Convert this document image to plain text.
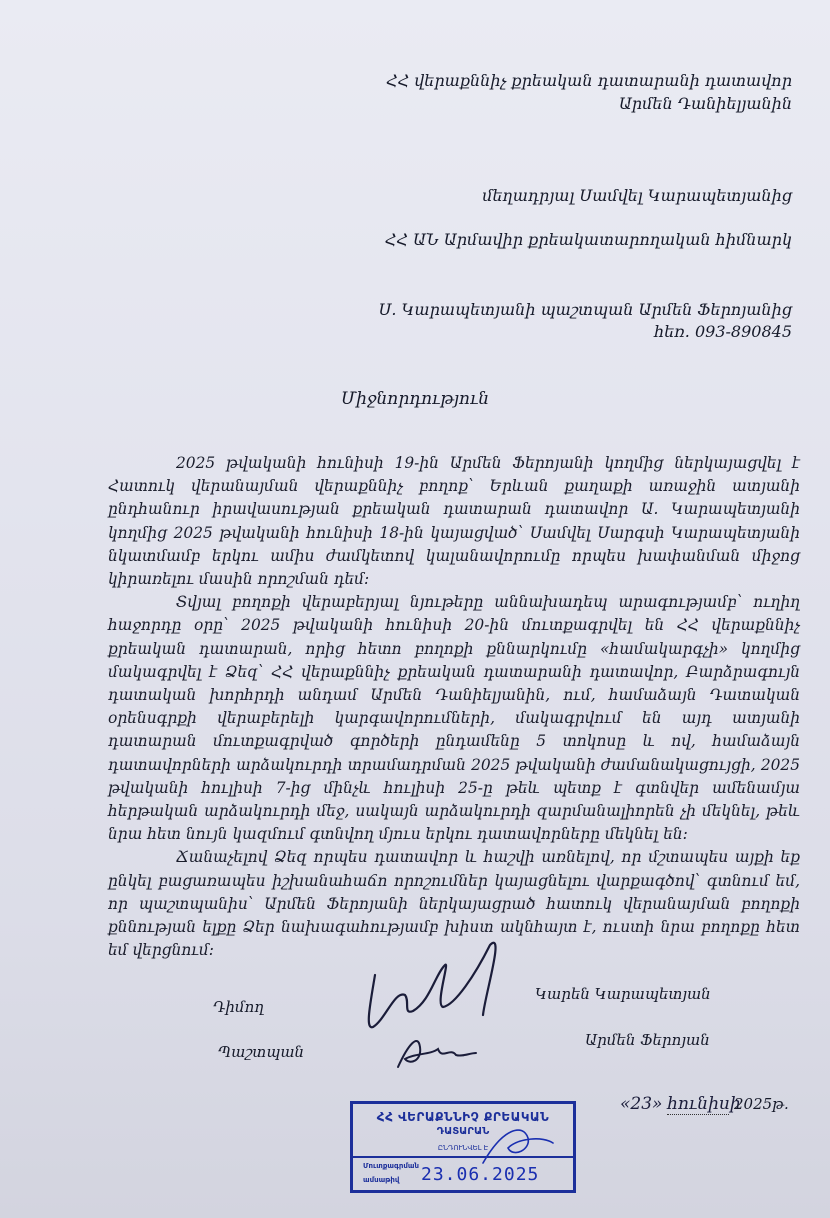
ՀՀ վերաքննիչ քրեական դատարանի դատավոր
Արմեն Դանիելյանին
մեղադրյալ Սամվել Կարապետյանից
ՀՀ ԱՆ Արմավիր քրեակատարողական հիմնարկ
Ս. Կարապետյանի պաշտպան Արմեն Ֆերոյանից
հեռ. 093-890845
Միջնորդություն

2025 թվականի հունիսի 19-ին Արմեն Ֆերոյանի կողմից ներկայացվել է Հատուկ վերանայման վերաքննիչ բողոք՝ Երևան քաղաքի առաջին ատյանի ընդհանուր իրավասության քրեական դատարան դատավոր Ա. Կարապետյանի կողմից 2025 թվականի հունիսի 18-ին կայացված՝ Սամվել Սարգսի Կարապետյանի նկատմամբ երկու ամիս ժամկետով կալանավորումը որպես խափանման միջոց կիրառելու մասին որոշման դեմ:

Տվյալ բողոքի վերաբերյալ նյութերը աննախադեպ արագությամբ՝ ուղիղ հաջորդը օրը՝ 2025 թվականի հունիսի 20-ին մուտքագրվել են ՀՀ վերաքննիչ քրեական դատարան, որից հետո բողոքի քննարկումը «համակարգչի» կողմից մակագրվել է Ձեզ՝ ՀՀ վերաքննիչ քրեական դատարանի դատավոր, Բարձրագույն դատական խորհրդի անդամ Արմեն Դանիելյանին, ում, համաձայն Դատական օրենսգրքի վերաբերելի կարգավորումների, մակագրվում են այդ ատյանի դատարան մուտքագրված գործերի ընդամենը 5 տոկոսը և ով, համաձայն դատավորների արձակուրդի տրամադրման 2025 թվականի ժամանակացույցի, 2025 թվականի հուլիսի 7-ից մինչև հուլիսի 25-ը թեև պետք է գտնվեր ամենամյա հերթական արձակուրդի մեջ, սակայն արձակուրդի զարմանալիորեն չի մեկնել, թեև նրա հետ նույն կազմում գտնվող մյուս երկու դատավորները մեկնել են:

Ճանաչելով Ձեզ որպես դատավոր և հաշվի առնելով, որ մշտապես այքի եք ընկել բացառապես իշխանահաճո որոշումներ կայացնելու վարքագծով՝ գտնում եմ, որ պաշտպանիս՝ Արմեն Ֆերոյանի ներկայացրած հատուկ վերանայման բողոքի քննության ելքը Ձեր նախագահությամբ խիստ ակնհայտ է, ուստի նրա բողոքը հետ եմ վերցնում:

Դիմող
Պաշտպան
Կարեն Կարապետյան
Արմեն Ֆերոյան
«23» հունիսի 2025թ.
ՀՀ ՎԵՐԱՔՆՆԻՉ ՔՐԵԱԿԱՆ
ԴԱՏԱՐԱՆ
ԸՆԴՈՒՆՎԵԼ Է
Մուտքագրման
ամսաթիվ 23.06.2025
